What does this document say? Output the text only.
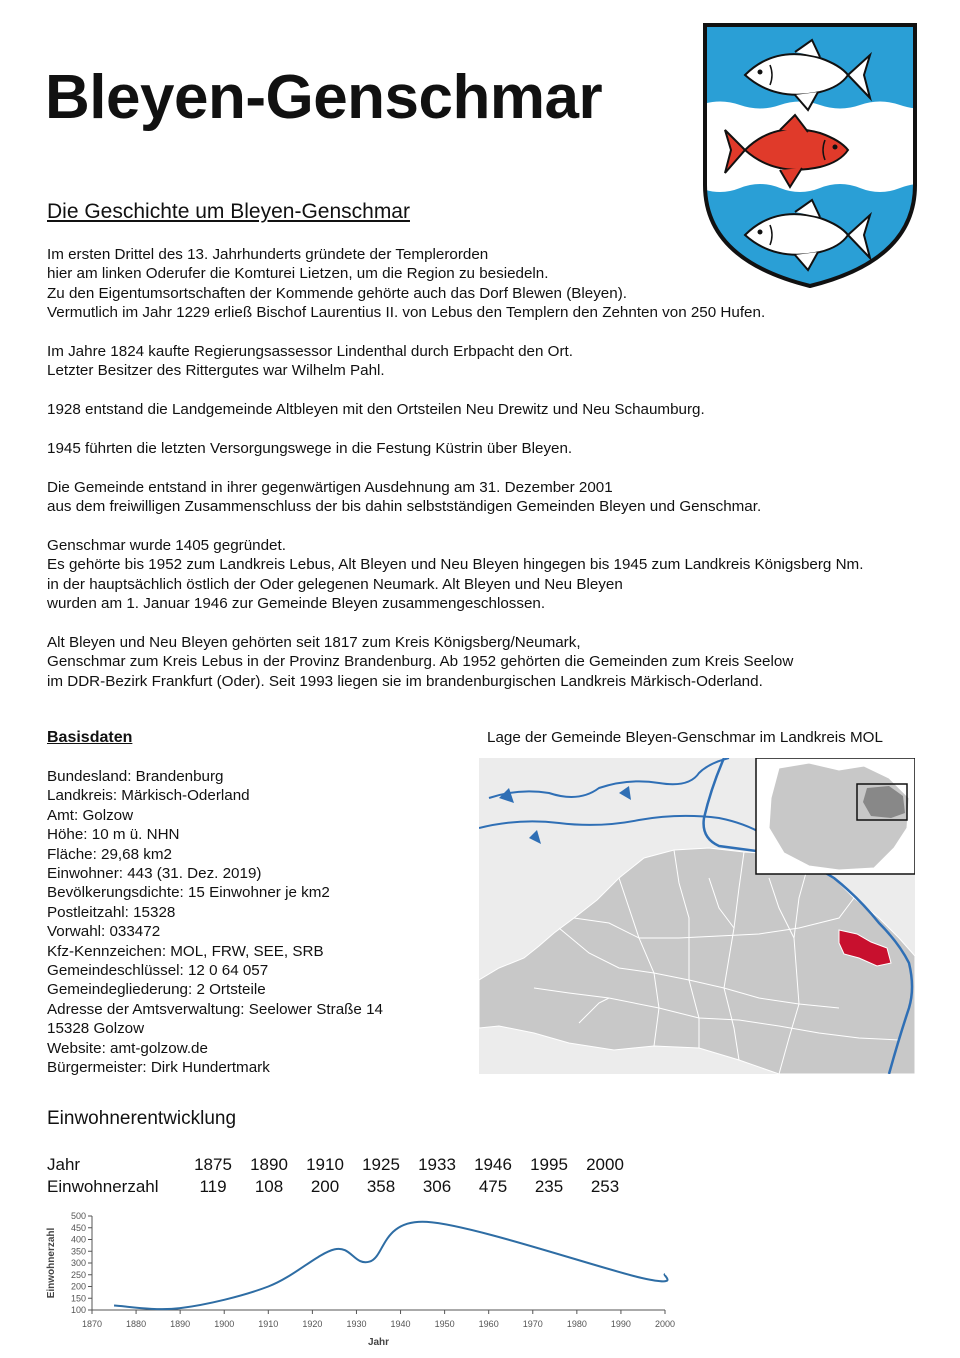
Bleyen-Genschmar
Die Geschichte um Bleyen-Genschmar

Im ersten Drittel des 13. Jahrhunderts gründete der Templerorden
hier am linken Oderufer die Komturei Lietzen, um die Region zu besiedeln.
Zu den Eigentumsortschaften der Kommende gehörte auch das Dorf Blewen (Bleyen).
Vermutlich im Jahr 1229 erließ Bischof Laurentius II. von Lebus den Templern den Zehnten von 250 Hufen.

Im Jahre 1824 kaufte Regierungsassessor Lindenthal durch Erbpacht den Ort.
Letzter Besitzer des Rittergutes war Wilhelm Pahl.

1928 entstand die Landgemeinde Altbleyen mit den Ortsteilen Neu Drewitz und Neu Schaumburg.

1945 führten die letzten Versorgungswege in die Festung Küstrin über Bleyen.

Die Gemeinde entstand in ihrer gegenwärtigen Ausdehnung am 31. Dezember 2001
aus dem freiwilligen Zusammenschluss der bis dahin selbstständigen Gemeinden Bleyen und Genschmar.

Genschmar wurde 1405 gegründet.
Es gehörte bis 1952 zum Landkreis Lebus, Alt Bleyen und Neu Bleyen hingegen bis 1945 zum Landkreis Königsberg Nm.
in der hauptsächlich östlich der Oder gelegenen Neumark. Alt Bleyen und Neu Bleyen
wurden am 1. Januar 1946 zur Gemeinde Bleyen zusammengeschlossen.

Alt Bleyen und Neu Bleyen gehörten seit 1817 zum Kreis Königsberg/Neumark,
Genschmar zum Kreis Lebus in der Provinz Brandenburg. Ab 1952 gehörten die Gemeinden zum Kreis Seelow
im DDR-Bezirk Frankfurt (Oder). Seit 1993 liegen sie im brandenburgischen Landkreis Märkisch-Oderland.

Basisdaten
Bundesland: Brandenburg
Landkreis: Märkisch-Oderland
Amt: Golzow
Höhe: 10 m ü. NHN
Fläche: 29,68 km2
Einwohner: 443 (31. Dez. 2019)
Bevölkerungsdichte: 15 Einwohner je km2
Postleitzahl: 15328
Vorwahl: 033472
Kfz-Kennzeichen: MOL, FRW, SEE, SRB
Gemeindeschlüssel: 12 0 64 057
Gemeindegliederung: 2 Ortsteile
Adresse der Amtsverwaltung: Seelower Straße 14
15328 Golzow
Website: amt-golzow.de
Bürgermeister: Dirk Hundertmark
Lage der Gemeinde Bleyen-Genschmar im Landkreis MOL
Einwohnerentwicklung
Jahr	1875	1890	1910	1925	1933	1946	1995	2000
Einwohnerzahl	119	108	200	358	306	475	235	253
100
150
200
250
300
350
400
450
500
1870	1880	1890	1900	1910	1920	1930	1940	1950	1960	1970	1980	1990	2000
Jahr
Einwohnerzahl
